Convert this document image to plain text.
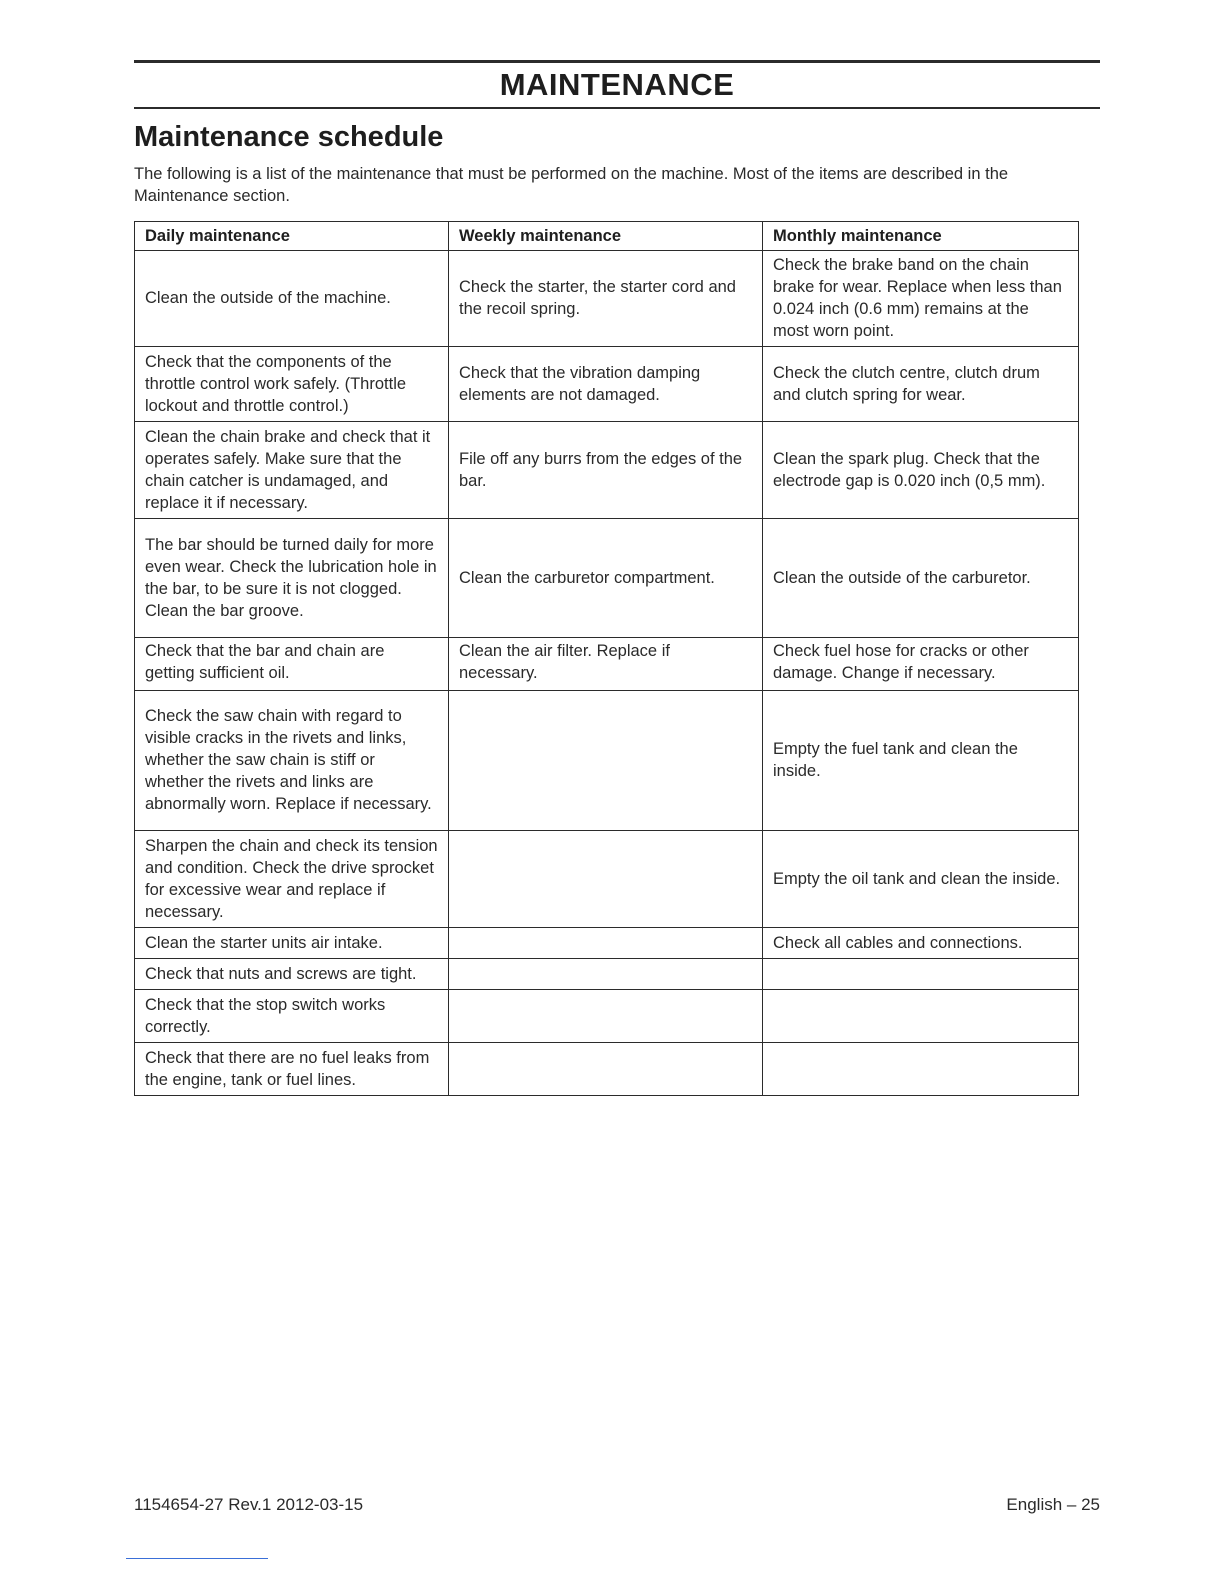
MAINTENANCE
Maintenance schedule
The following is a list of the maintenance that must be performed on the machine. Most of the items are described in the Maintenance section.
Daily maintenance	Weekly maintenance	Monthly maintenance
Clean the outside of the machine.	Check the starter, the starter cord and the recoil spring.	Check the brake band on the chain brake for wear. Replace when less than 0.024 inch (0.6 mm) remains at the most worn point.
Check that the components of the throttle control work safely. (Throttle lockout and throttle control.)	Check that the vibration damping elements are not damaged.	Check the clutch centre, clutch drum and clutch spring for wear.
Clean the chain brake and check that it operates safely. Make sure that the chain catcher is undamaged, and replace it if necessary.	File off any burrs from the edges of the bar.	Clean the spark plug. Check that the electrode gap is 0.020 inch (0,5 mm).
The bar should be turned daily for more even wear. Check the lubrication hole in the bar, to be sure it is not clogged. Clean the bar groove.	Clean the carburetor compartment.	Clean the outside of the carburetor.
Check that the bar and chain are getting sufficient oil.	Clean the air filter. Replace if necessary.	Check fuel hose for cracks or other damage. Change if necessary.
Check the saw chain with regard to visible cracks in the rivets and links, whether the saw chain is stiff or whether the rivets and links are abnormally worn. Replace if necessary.		Empty the fuel tank and clean the inside.
Sharpen the chain and check its tension and condition. Check the drive sprocket for excessive wear and replace if necessary.		Empty the oil tank and clean the inside.
Clean the starter units air intake.		Check all cables and connections.
Check that nuts and screws are tight.		
Check that the stop switch works correctly.		
Check that there are no fuel leaks from the engine, tank or fuel lines.		
1154654-27 Rev.1 2012-03-15	English – 25
